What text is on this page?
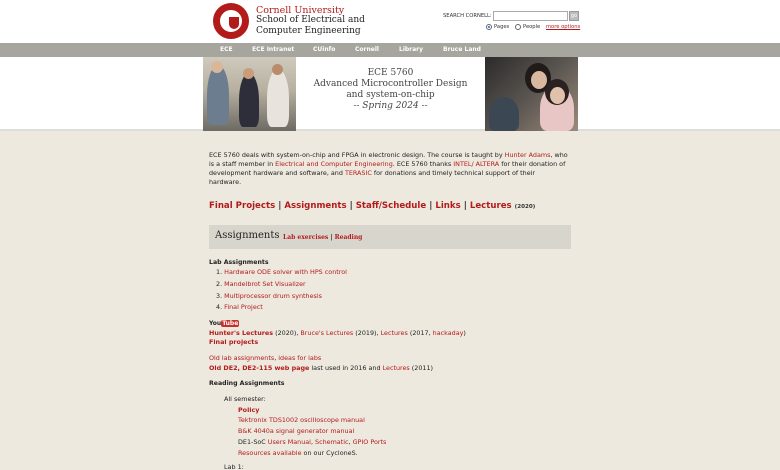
Cornell University
School of Electrical and Computer Engineering
SEARCH CORNELL:	go
Pages	People more options
ECE	ECE Intranet	CUinfo	Cornell	Library	Bruce Land
ECE 5760
Advanced Microcontroller Design
and system-on-chip
-- Spring 2024 --
ECE 5760 deals with system-on-chip and FPGA in electronic design. The course is taught by Hunter Adams, who is a staff member in Electrical and Computer Engineering. ECE 5760 thanks INTEL/ ALTERA for their donation of development hardware and software, and TERASIC for donations and timely technical support of their hardware.
Final Projects | Assignments | Staff/Schedule | Links | Lectures (2020)
Assignments Lab exercises | Reading
Lab Assignments
1. Hardware ODE solver with HPS control
2. Mandelbrot Set Visualizer
3. Multiprocessor drum synthesis
4. Final Project
YouTube
Hunter's Lectures (2020), Bruce's Lectures (2019), Lectures (2017, hackaday)
Final projects
Old lab assignments, ideas for labs
Old DE2, DE2-115 web page last used in 2016 and Lectures (2011)
Reading Assignments
All semester:
Policy
Tektronix TDS1002 oscilloscope manual
B&K 4040a signal generator manual
DE1-SoC Users Manual, Schematic, GPIO Ports
Resources available on our CycloneS.
Lab 1:
